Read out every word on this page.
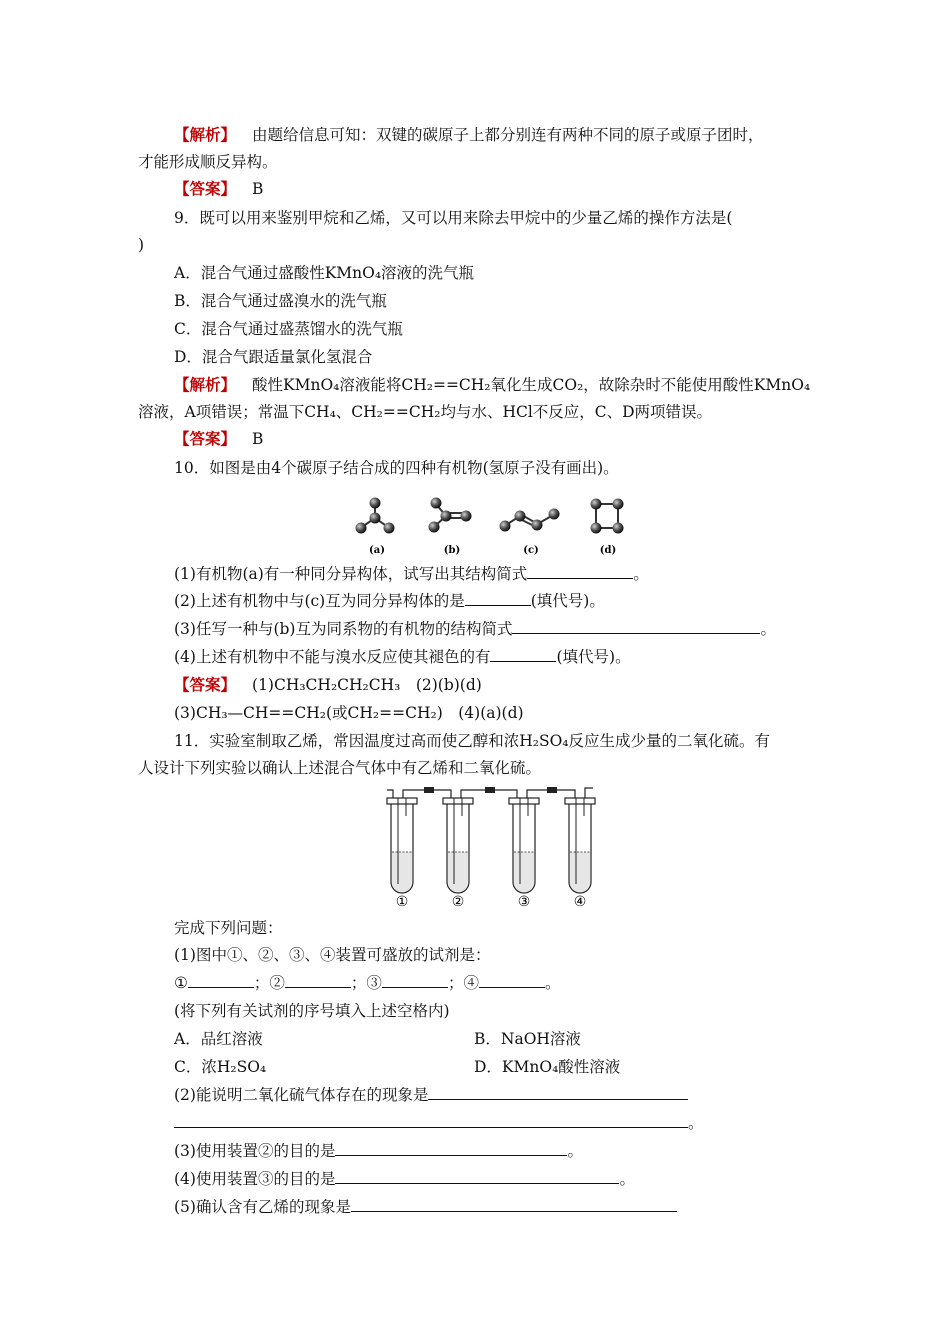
【解析】 由题给信息可知：双键的碳原子上都分别连有两种不同的原子或原子团时，
才能形成顺反异构。
【答案】 B
9．既可以用来鉴别甲烷和乙烯，又可以用来除去甲烷中的少量乙烯的操作方法是(
)
A．混合气通过盛酸性KMnO₄溶液的洗气瓶
B．混合气通过盛溴水的洗气瓶
C．混合气通过盛蒸馏水的洗气瓶
D．混合气跟适量氯化氢混合
【解析】 酸性KMnO₄溶液能将CH₂==CH₂氧化生成CO₂，故除杂时不能使用酸性KMnO₄
溶液，A项错误；常温下CH₄、CH₂==CH₂均与水、HCl不反应，C、D两项错误。
【答案】 B
10．如图是由4个碳原子结合成的四种有机物(氢原子没有画出)。
(a)	(b)	(c)	(d)
(1)有机物(a)有一种同分异构体，试写出其结构简式	。
(2)上述有机物中与(c)互为同分异构体的是	(填代号)。
(3)任写一种与(b)互为同系物的有机物的结构简式	。
(4)上述有机物中不能与溴水反应使其褪色的有	(填代号)。
【答案】 (1)CH₃CH₂CH₂CH₃　(2)(b)(d)
(3)CH₃—CH==CH₂(或CH₂==CH₂)　(4)(a)(d)
11．实验室制取乙烯，常因温度过高而使乙醇和浓H₂SO₄反应生成少量的二氧化硫。有
人设计下列实验以确认上述混合气体中有乙烯和二氧化硫。
①	②	③	④
完成下列问题：
(1)图中①、②、③、④装置可盛放的试剂是：
①	；②	；③	；④	。
(将下列有关试剂的序号填入上述空格内)
A．品红溶液	B．NaOH溶液
C．浓H₂SO₄	D．KMnO₄酸性溶液
(2)能说明二氧化硫气体存在的现象是
。
(3)使用装置②的目的是	。
(4)使用装置③的目的是	。
(5)确认含有乙烯的现象是
